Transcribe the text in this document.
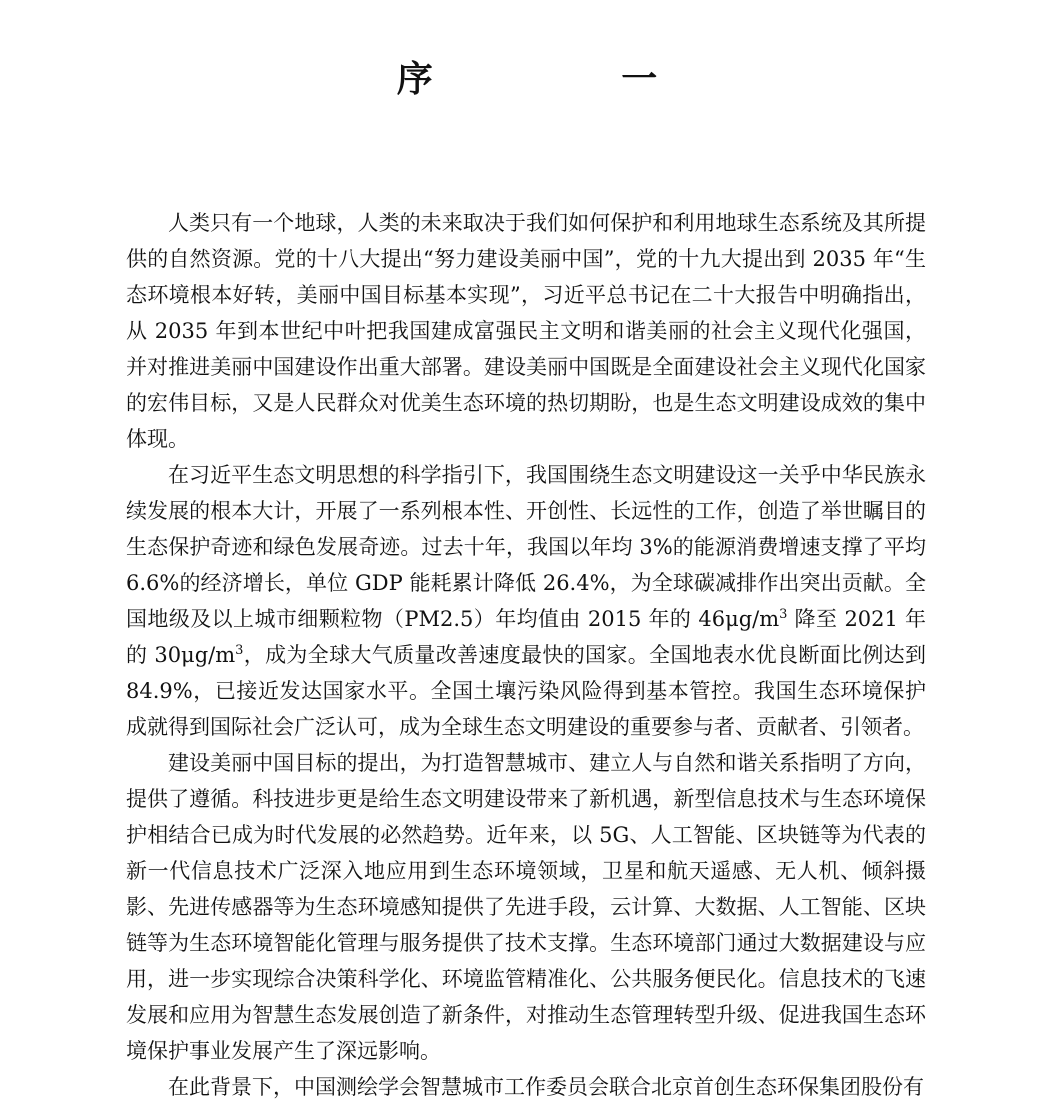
序 一

人类只有一个地球，人类的未来取决于我们如何保护和利用地球生态系统及其所提供的自然资源。党的十八大提出“努力建设美丽中国”，党的十九大提出到 2035 年“生态环境根本好转，美丽中国目标基本实现”，习近平总书记在二十大报告中明确指出，从 2035 年到本世纪中叶把我国建成富强民主文明和谐美丽的社会主义现代化强国，并对推进美丽中国建设作出重大部署。建设美丽中国既是全面建设社会主义现代化国家的宏伟目标，又是人民群众对优美生态环境的热切期盼，也是生态文明建设成效的集中体现。

在习近平生态文明思想的科学指引下，我国围绕生态文明建设这一关乎中华民族永续发展的根本大计，开展了一系列根本性、开创性、长远性的工作，创造了举世瞩目的生态保护奇迹和绿色发展奇迹。过去十年，我国以年均 3%的能源消费增速支撑了平均 6.6%的经济增长，单位 GDP 能耗累计降低 26.4%，为全球碳减排作出突出贡献。全国地级及以上城市细颗粒物（PM2.5）年均值由 2015 年的 $46\mu g/m^3$ 降至 2021 年的 $30\mu g/m^3$，成为全球大气质量改善速度最快的国家。全国地表水优良断面比例达到 84.9%，已接近发达国家水平。全国土壤污染风险得到基本管控。我国生态环境保护成就得到国际社会广泛认可，成为全球生态文明建设的重要参与者、贡献者、引领者。

建设美丽中国目标的提出，为打造智慧城市、建立人与自然和谐关系指明了方向，提供了遵循。科技进步更是给生态文明建设带来了新机遇，新型信息技术与生态环境保护相结合已成为时代发展的必然趋势。近年来，以 5G、人工智能、区块链等为代表的新一代信息技术广泛深入地应用到生态环境领域，卫星和航天遥感、无人机、倾斜摄影、先进传感器等为生态环境感知提供了先进手段，云计算、大数据、人工智能、区块链等为生态环境智能化管理与服务提供了技术支撑。生态环境部门通过大数据建设与应用，进一步实现综合决策科学化、环境监管精准化、公共服务便民化。信息技术的飞速发展和应用为智慧生态发展创造了新条件，对推动生态管理转型升级、促进我国生态环境保护事业发展产生了深远影响。

在此背景下，中国测绘学会智慧城市工作委员会联合北京首创生态环保集团股份有
